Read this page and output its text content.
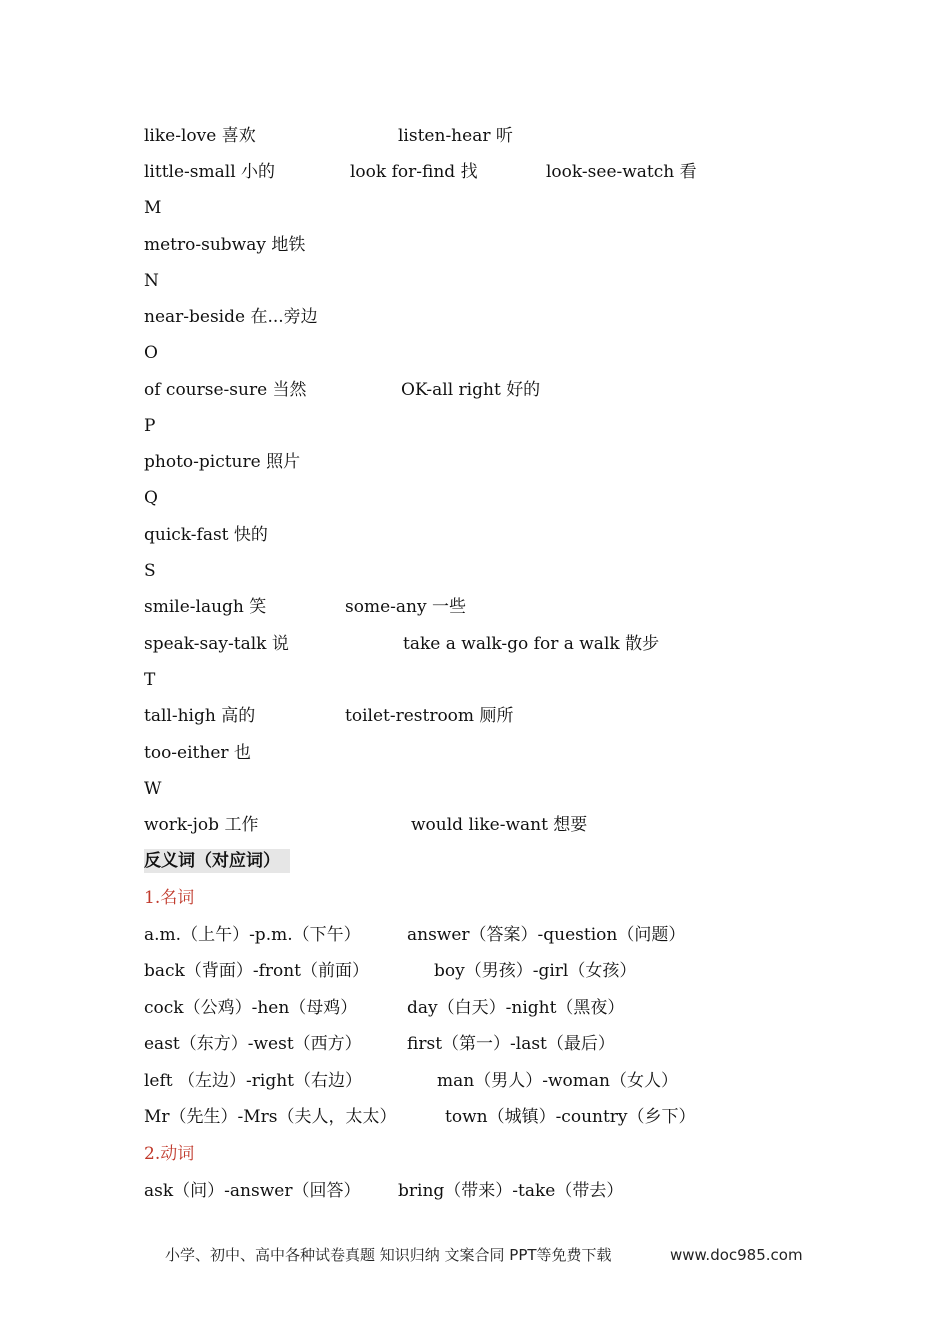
like-love 喜欢	listen-hear 听
little-small 小的	look for-find 找	look-see-watch 看
M
metro-subway 地铁
N
near-beside 在...旁边
O
of course-sure 当然	OK-all right 好的
P
photo-picture 照片
Q
quick-fast 快的
S
smile-laugh 笑	some-any 一些
speak-say-talk 说	take a walk-go for a walk 散步
T
tall-high 高的	toilet-restroom 厕所
too-either 也
W
work-job 工作	would like-want 想要
反义词（对应词）
1.名词
a.m.（上午）-p.m.（下午）	answer（答案）-question（问题）
back（背面）-front（前面）	boy（男孩）-girl（女孩）
cock（公鸡）-hen（母鸡）	day（白天）-night（黑夜）
east（东方）-west（西方）	first（第一）-last（最后）
left （左边）-right（右边）	man（男人）-woman（女人）
Mr（先生）-Mrs（夫人，太太）	town（城镇）-country（乡下）
2.动词
ask（问）-answer（回答） bring（带来）-take（带去）
小学、初中、高中各种试卷真题 知识归纳 文案合同 PPT等免费下载	www.doc985.com
